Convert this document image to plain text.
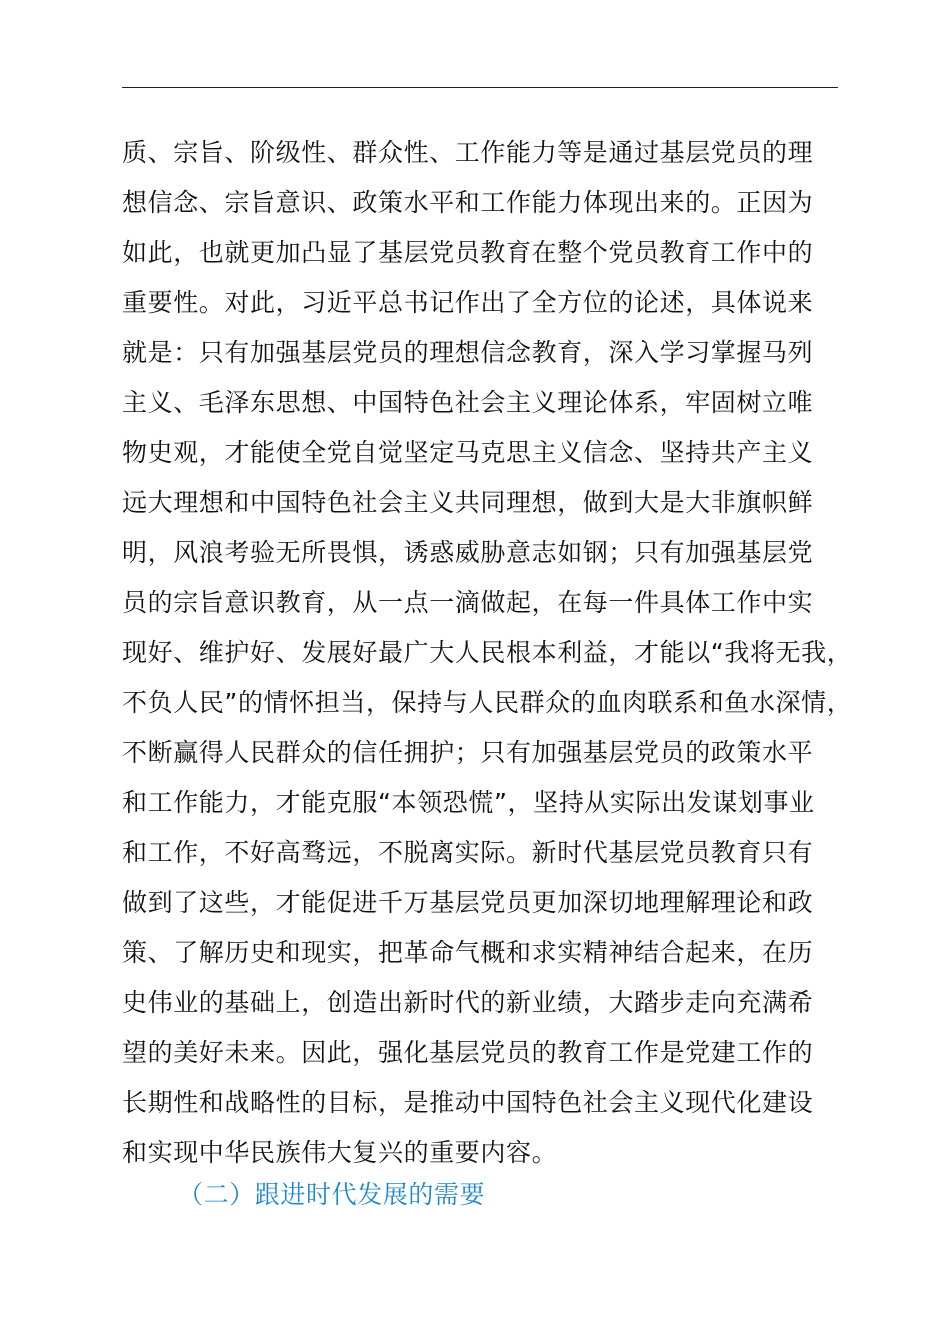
质、宗旨、阶级性、群众性、工作能力等是通过基层党员的理
想信念、宗旨意识、政策水平和工作能力体现出来的。正因为
如此，也就更加凸显了基层党员教育在整个党员教育工作中的
重要性。对此，习近平总书记作出了全方位的论述，具体说来
就是：只有加强基层党员的理想信念教育，深入学习掌握马列
主义、毛泽东思想、中国特色社会主义理论体系，牢固树立唯
物史观，才能使全党自觉坚定马克思主义信念、坚持共产主义
远大理想和中国特色社会主义共同理想，做到大是大非旗帜鲜
明，风浪考验无所畏惧，诱惑威胁意志如钢；只有加强基层党
员的宗旨意识教育，从一点一滴做起，在每一件具体工作中实
现好、维护好、发展好最广大人民根本利益，才能以“我将无我，
不负人民”的情怀担当，保持与人民群众的血肉联系和鱼水深情，
不断赢得人民群众的信任拥护；只有加强基层党员的政策水平
和工作能力，才能克服“本领恐慌”，坚持从实际出发谋划事业
和工作，不好高骛远，不脱离实际。新时代基层党员教育只有
做到了这些，才能促进千万基层党员更加深切地理解理论和政
策、了解历史和现实，把革命气概和求实精神结合起来，在历
史伟业的基础上，创造出新时代的新业绩，大踏步走向充满希
望的美好未来。因此，强化基层党员的教育工作是党建工作的
长期性和战略性的目标，是推动中国特色社会主义现代化建设
和实现中华民族伟大复兴的重要内容。
（二）跟进时代发展的需要
